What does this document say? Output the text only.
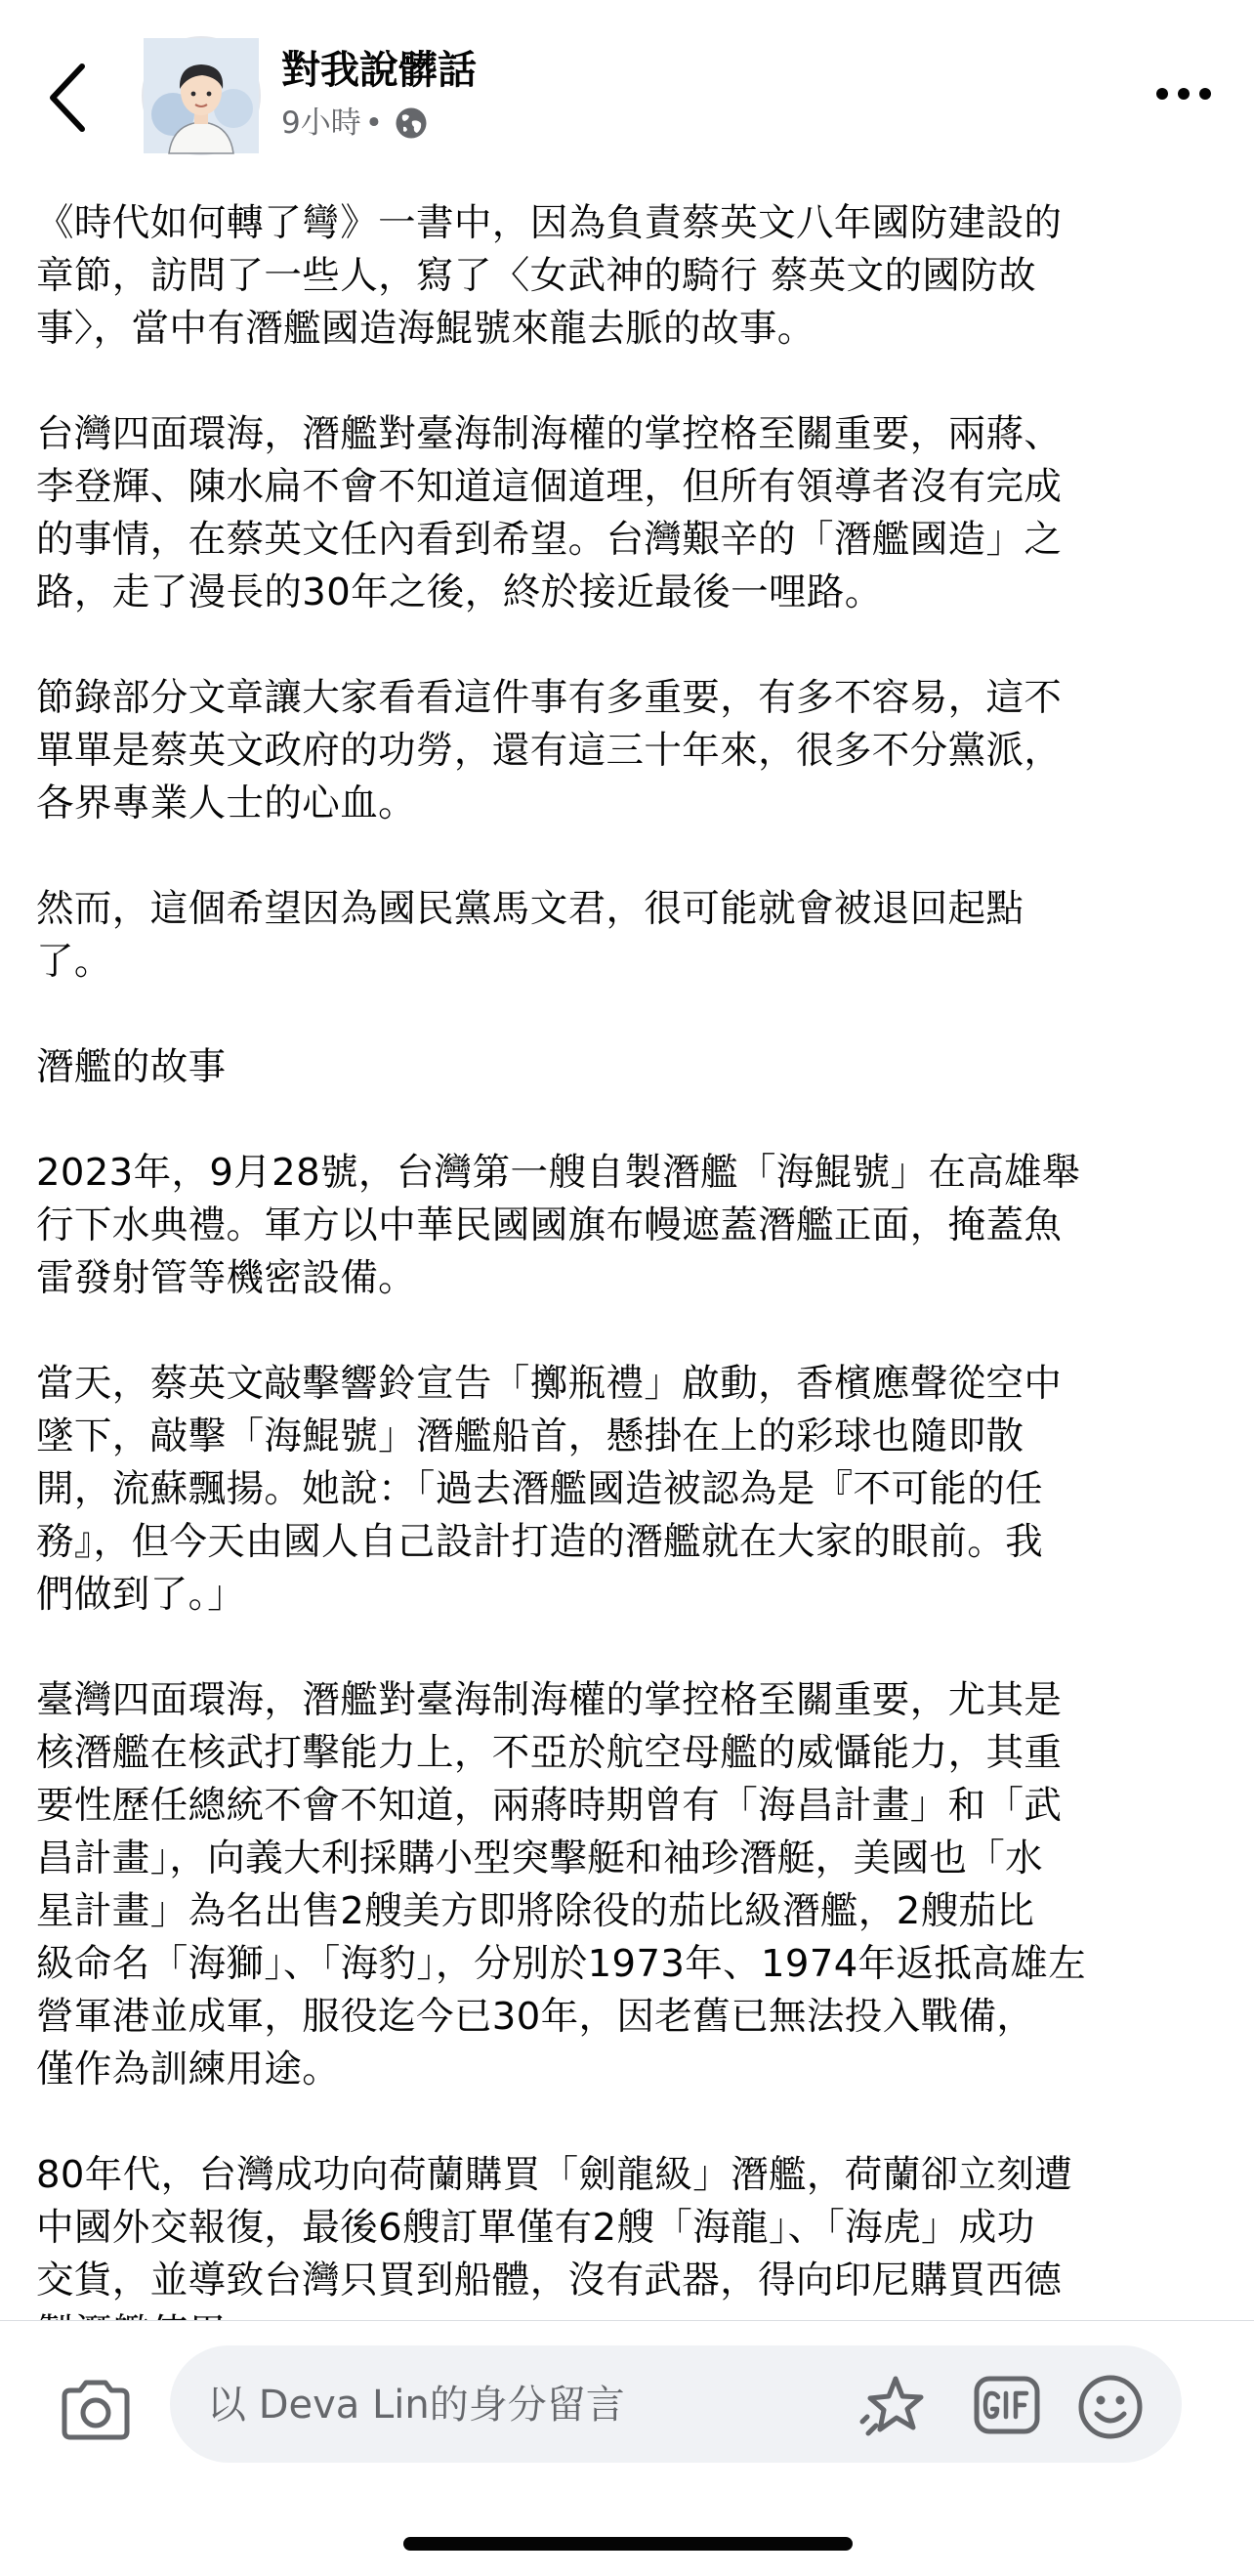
對我說髒話
9小時 •

《時代如何轉了彎》一書中，因為負責蔡英文八年國防建設的
章節，訪問了一些人，寫了〈女武神的騎行 蔡英文的國防故
事〉，當中有潛艦國造海鯤號來龍去脈的故事。

台灣四面環海，潛艦對臺海制海權的掌控格至關重要，兩蔣、
李登輝、陳水扁不會不知道這個道理，但所有領導者沒有完成
的事情，在蔡英文任內看到希望。台灣艱辛的「潛艦國造」之
路，走了漫長的30年之後，終於接近最後一哩路。

節錄部分文章讓大家看看這件事有多重要，有多不容易，這不
單單是蔡英文政府的功勞，還有這三十年來，很多不分黨派，
各界專業人士的心血。

然而，這個希望因為國民黨馬文君，很可能就會被退回起點
了。

潛艦的故事

2023年，9月28號，台灣第一艘自製潛艦「海鯤號」在高雄舉
行下水典禮。軍方以中華民國國旗布幔遮蓋潛艦正面，掩蓋魚
雷發射管等機密設備。

當天，蔡英文敲擊響鈴宣告「擲瓶禮」啟動，香檳應聲從空中
墜下，敲擊「海鯤號」潛艦船首，懸掛在上的彩球也隨即散
開，流蘇飄揚。她說：「過去潛艦國造被認為是『不可能的任
務』，但今天由國人自己設計打造的潛艦就在大家的眼前。我
們做到了。」

臺灣四面環海，潛艦對臺海制海權的掌控格至關重要，尤其是
核潛艦在核武打擊能力上，不亞於航空母艦的威懾能力，其重
要性歷任總統不會不知道，兩蔣時期曾有「海昌計畫」和「武
昌計畫」，向義大利採購小型突擊艇和袖珍潛艇，美國也「水
星計畫」為名出售2艘美方即將除役的茄比級潛艦，2艘茄比
級命名「海獅」、「海豹」，分別於1973年、1974年返抵高雄左
營軍港並成軍，服役迄今已30年，因老舊已無法投入戰備，
僅作為訓練用途。

80年代，台灣成功向荷蘭購買「劍龍級」潛艦，荷蘭卻立刻遭
中國外交報復，最後6艘訂單僅有2艘「海龍」、「海虎」成功
交貨，並導致台灣只買到船體，沒有武器，得向印尼購買西德

以 Deva Lin的身分留言
